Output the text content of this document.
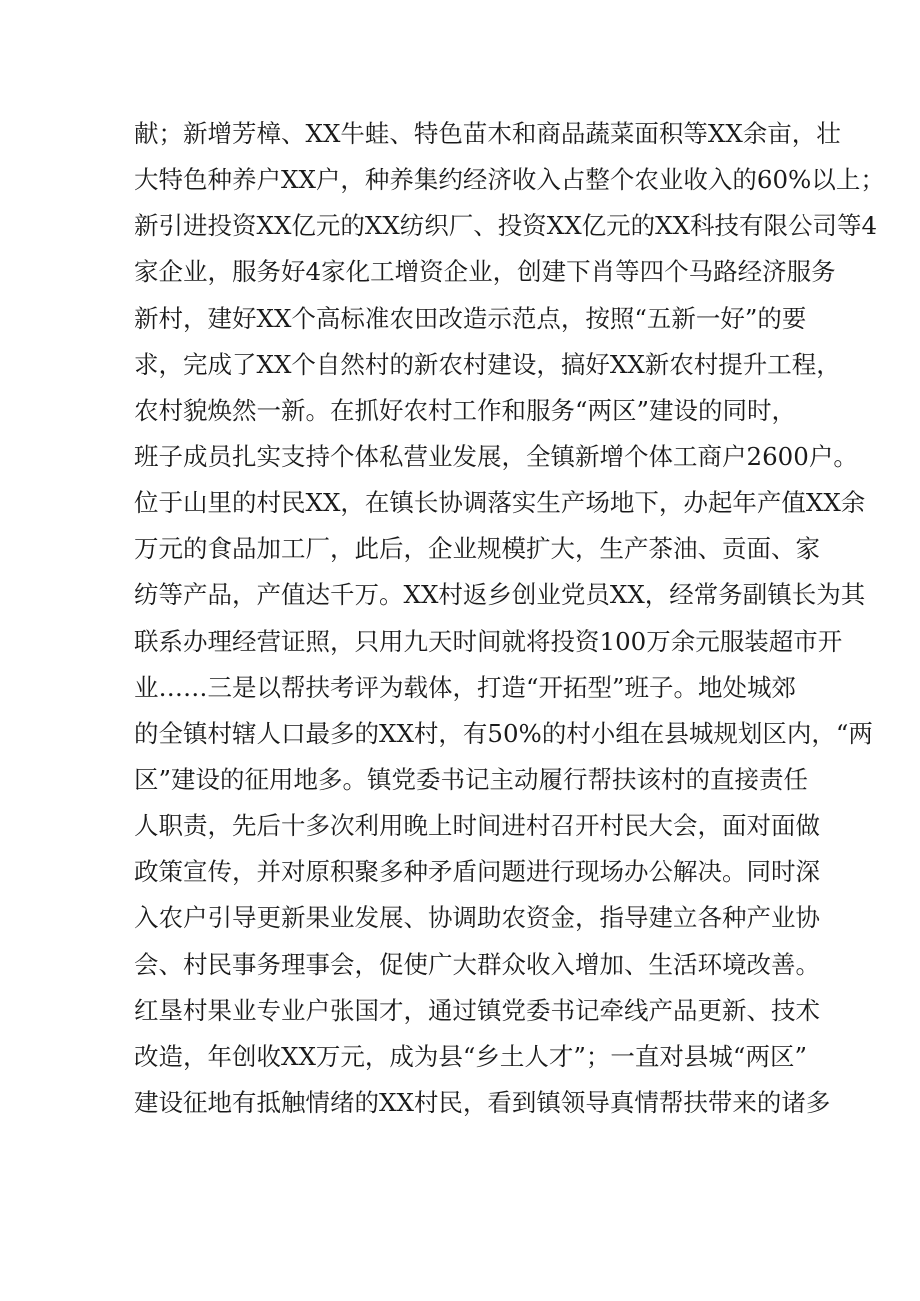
献；新增芳樟、XX牛蛙、特色苗木和商品蔬菜面积等XX余亩，壮
大特色种养户XX户，种养集约经济收入占整个农业收入的60%以上；
新引进投资XX亿元的XX纺织厂、投资XX亿元的XX科技有限公司等4
家企业，服务好4家化工增资企业，创建下肖等四个马路经济服务
新村，建好XX个高标准农田改造示范点，按照“五新一好”的要
求，完成了XX个自然村的新农村建设，搞好XX新农村提升工程，
农村貌焕然一新。在抓好农村工作和服务“两区”建设的同时，
班子成员扎实支持个体私营业发展，全镇新增个体工商户2600户。
位于山里的村民XX，在镇长协调落实生产场地下，办起年产值XX余
万元的食品加工厂，此后，企业规模扩大，生产茶油、贡面、家
纺等产品，产值达千万。XX村返乡创业党员XX，经常务副镇长为其
联系办理经营证照，只用九天时间就将投资100万余元服装超市开
业……三是以帮扶考评为载体，打造“开拓型”班子。地处城郊
的全镇村辖人口最多的XX村，有50%的村小组在县城规划区内，“两
区”建设的征用地多。镇党委书记主动履行帮扶该村的直接责任
人职责，先后十多次利用晚上时间进村召开村民大会，面对面做
政策宣传，并对原积聚多种矛盾问题进行现场办公解决。同时深
入农户引导更新果业发展、协调助农资金，指导建立各种产业协
会、村民事务理事会，促使广大群众收入增加、生活环境改善。
红垦村果业专业户张国才，通过镇党委书记牵线产品更新、技术
改造，年创收XX万元，成为县“乡土人才”；一直对县城“两区”
建设征地有抵触情绪的XX村民，看到镇领导真情帮扶带来的诸多
